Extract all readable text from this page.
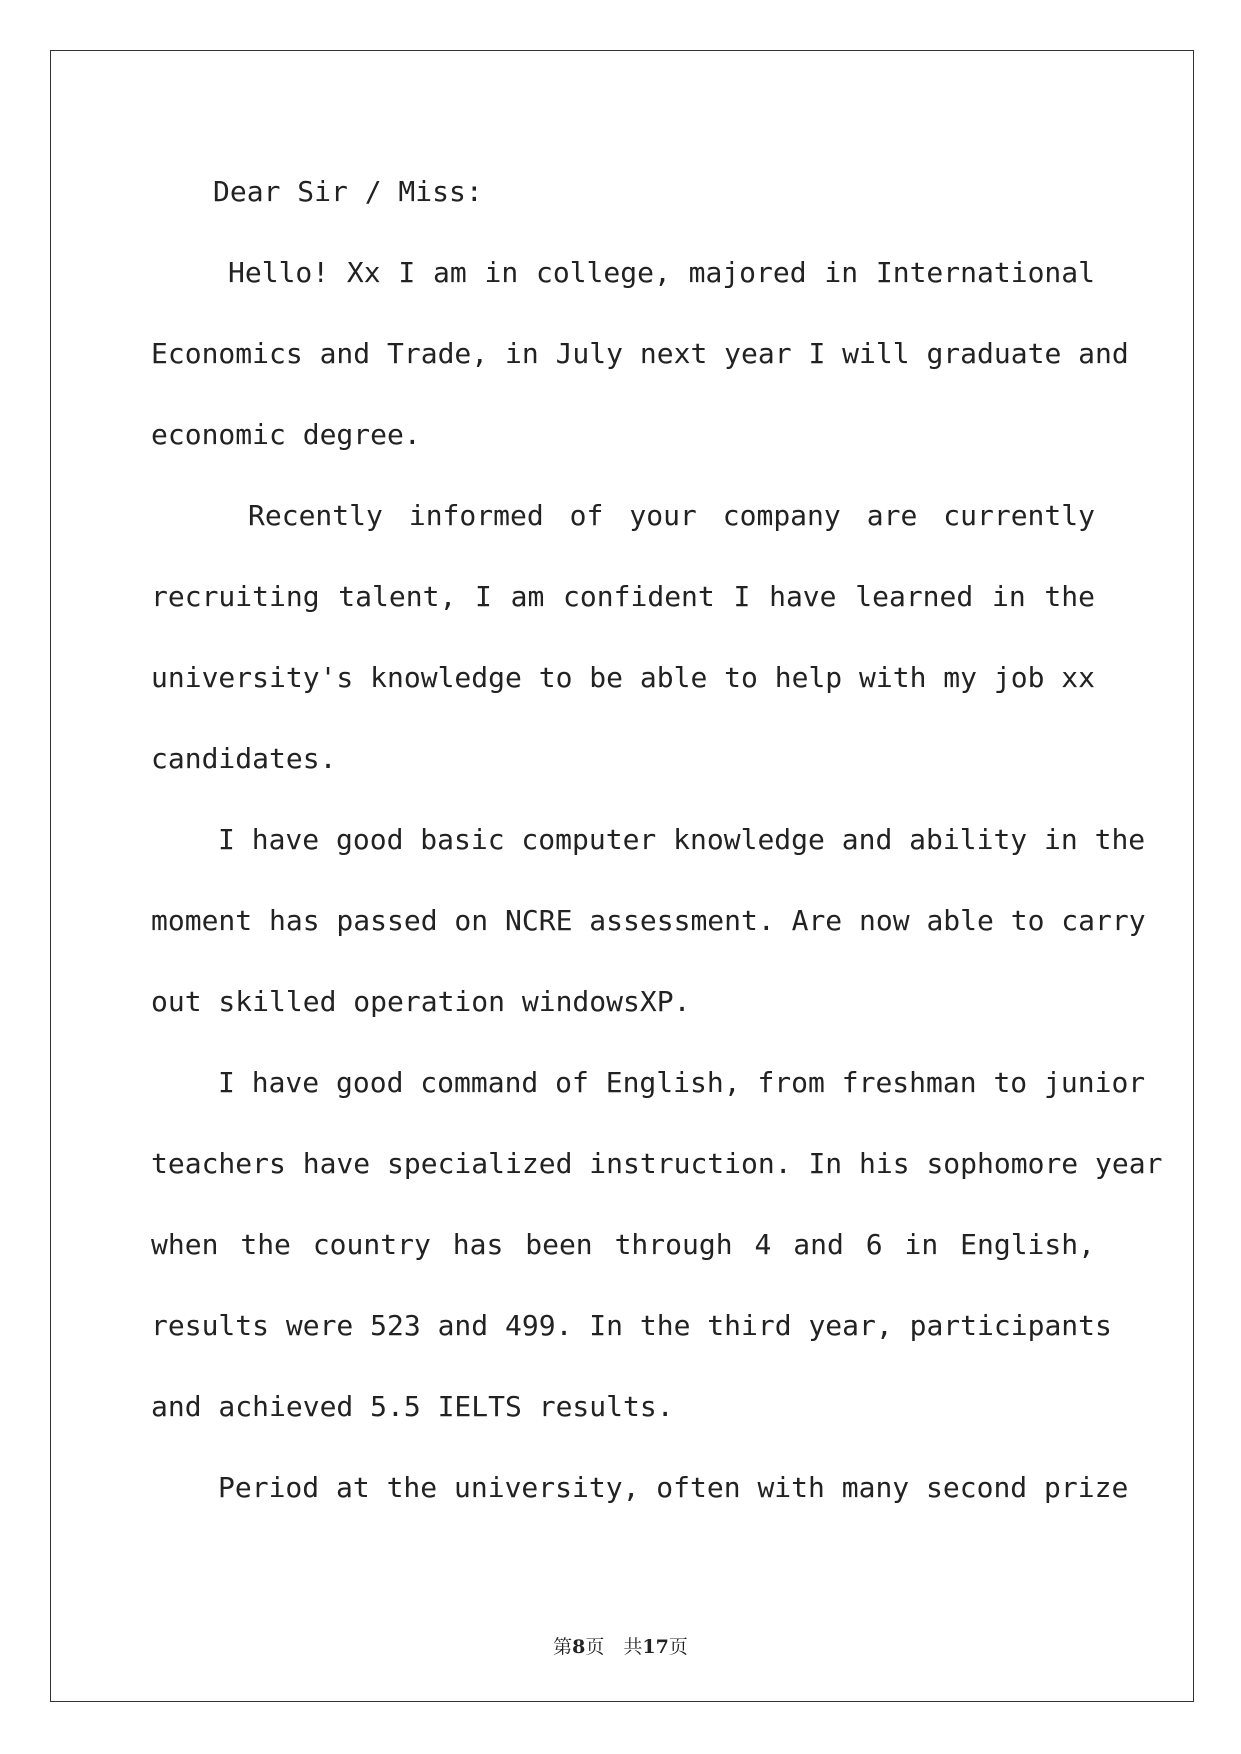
Dear Sir / Miss:
Hello! Xx I am in college, majored in International
Economics and Trade, in July next year I will graduate and
economic degree.
Recently informed of your company are currently
recruiting talent, I am confident I have learned in the
university's knowledge to be able to help with my job xx
candidates.
I have good basic computer knowledge and ability in the
moment has passed on NCRE assessment. Are now able to carry
out skilled operation windowsXP.
I have good command of English, from freshman to junior
teachers have specialized instruction. In his sophomore year
when the country has been through 4 and 6 in English,
results were 523 and 499. In the third year, participants
and achieved 5.5 IELTS results.
Period at the university, often with many second prize
第8页　共17页
